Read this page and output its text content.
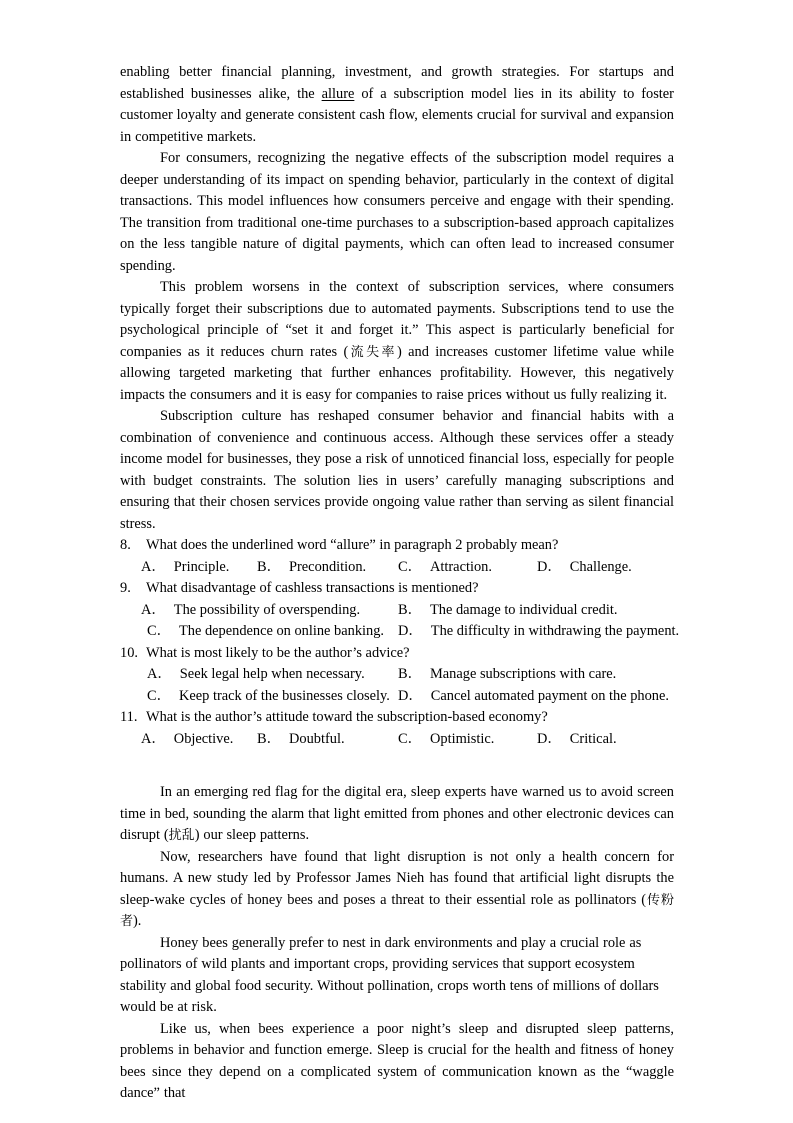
enabling better financial planning, investment, and growth strategies. For startups and established businesses alike, the allure of a subscription model lies in its ability to foster customer loyalty and generate consistent cash flow, elements crucial for survival and expansion in competitive markets.

For consumers, recognizing the negative effects of the subscription model requires a deeper understanding of its impact on spending behavior, particularly in the context of digital transactions. This model influences how consumers perceive and engage with their spending. The transition from traditional one-time purchases to a subscription-based approach capitalizes on the less tangible nature of digital payments, which can often lead to increased consumer spending.

This problem worsens in the context of subscription services, where consumers typically forget their subscriptions due to automated payments. Subscriptions tend to use the psychological principle of “set it and forget it.” This aspect is particularly beneficial for companies as it reduces churn rates (流失率) and increases customer lifetime value while allowing targeted marketing that further enhances profitability. However, this negatively impacts the consumers and it is easy for companies to raise prices without us fully realizing it.

Subscription culture has reshaped consumer behavior and financial habits with a combination of convenience and continuous access. Although these services offer a steady income model for businesses, they pose a risk of unnoticed financial loss, especially for people with budget constraints. The solution lies in users’ carefully managing subscriptions and ensuring that their chosen services provide ongoing value rather than serving as silent financial stress.

8. What does the underlined word “allure” in paragraph 2 probably mean?
A． Principle. B． Precondition. C． Attraction.	D． Challenge.
9. What disadvantage of cashless transactions is mentioned?
A． The possibility of overspending.	B． The damage to individual credit.
C． The dependence on online banking. D． The difficulty in withdrawing the payment.
10. What is most likely to be the author’s advice?
A． Seek legal help when necessary. B． Manage subscriptions with care.
C． Keep track of the businesses closely. D． Cancel automated payment on the phone.
11. What is the author’s attitude toward the subscription-based economy?
A． Objective. B． Doubtful.	C． Optimistic.	D． Critical.

In an emerging red flag for the digital era, sleep experts have warned us to avoid screen time in bed, sounding the alarm that light emitted from phones and other electronic devices can disrupt (扰乱) our sleep patterns.

Now, researchers have found that light disruption is not only a health concern for humans. A new study led by Professor James Nieh has found that artificial light disrupts the sleep-wake cycles of honey bees and poses a threat to their essential role as pollinators (传粉者).

Honey bees generally prefer to nest in dark environments and play a crucial role as pollinators of wild plants and important crops, providing services that support ecosystem stability and global food security. Without pollination, crops worth tens of millions of dollars would be at risk.

Like us, when bees experience a poor night’s sleep and disrupted sleep patterns, problems in behavior and function emerge. Sleep is crucial for the health and fitness of honey bees since they depend on a complicated system of communication known as the “waggle dance” that
